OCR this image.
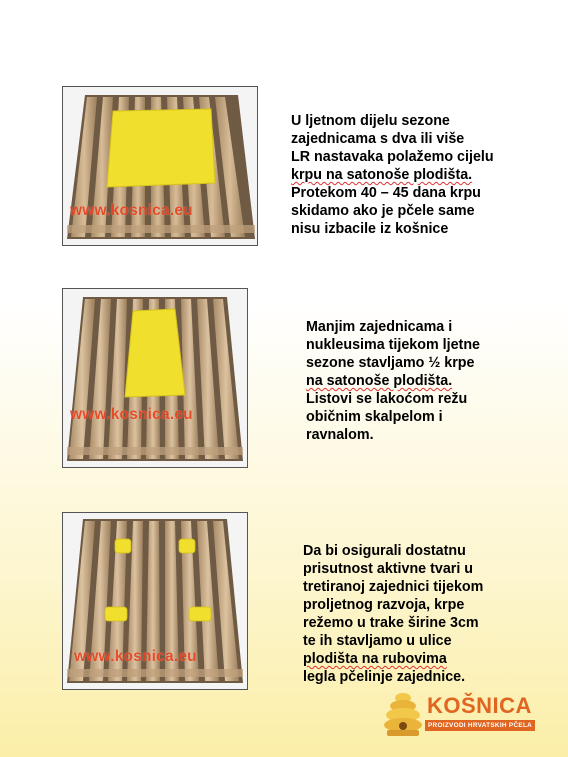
www.kosnica.eu
U ljetnom dijelu sezone
zajednicama s dva ili više
LR nastavaka polažemo cijelu
krpu na satonoše plodišta.
Protekom 40 – 45 dana krpu
skidamo ako je pčele same
nisu izbacile iz košnice
www.kosnica.eu
Manjim zajednicama i
nukleusima tijekom ljetne
sezone stavljamo ½ krpe
na satonoše plodišta.
Listovi se lakoćom režu
običnim skalpelom i
ravnalom.
www.kosnica.eu
Da bi osigurali dostatnu
prisutnost aktivne tvari u
tretiranoj zajednici tijekom
proljetnog razvoja, krpe
režemo u trake širine 3cm
te ih stavljamo u ulice
plodišta na rubovima
legla pčelinje zajednice.
KOŠNICA
PROIZVODI HRVATSKIH PČELA
